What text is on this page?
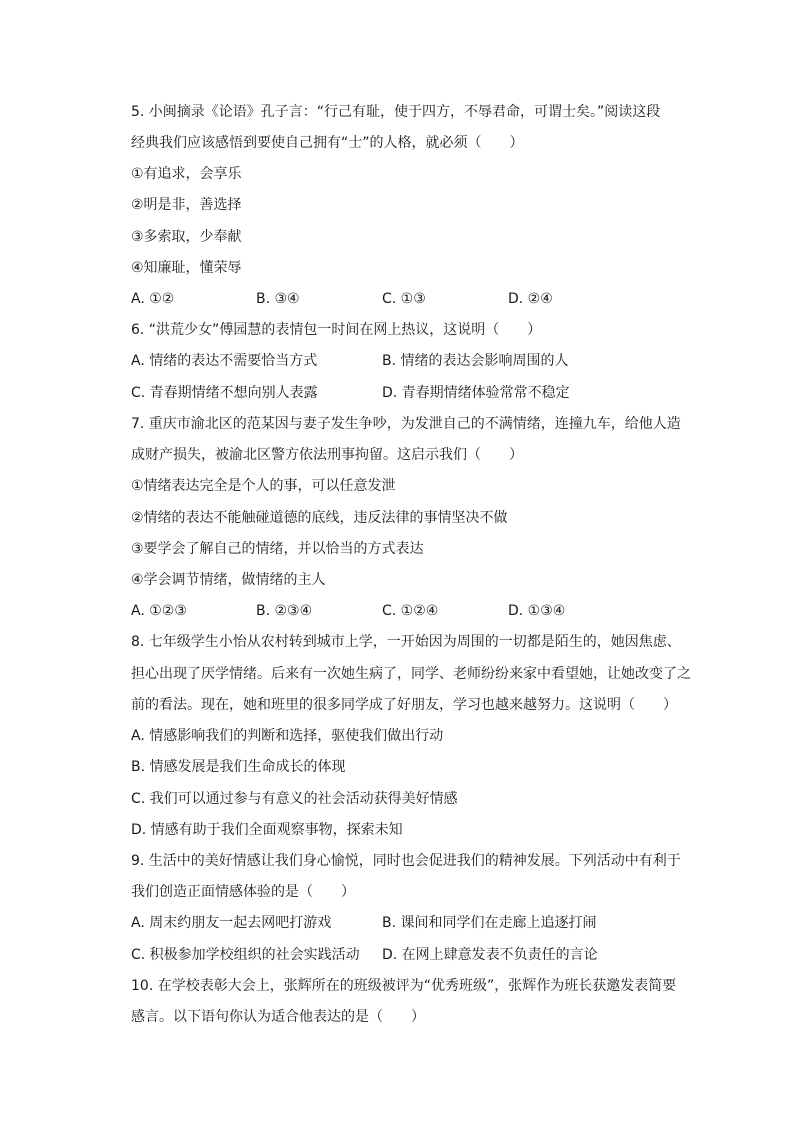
5. 小闽摘录《论语》孔子言：“行己有耻，使于四方，不辱君命，可谓士矣。”阅读这段
经典我们应该感悟到要使自己拥有“士”的人格，就必须（　　）
①有追求，会享乐
②明是非，善选择
③多索取，少奉献
④知廉耻，懂荣辱
A. ①②	B. ③④	C. ①③	D. ②④
6. “洪荒少女”傅园慧的表情包一时间在网上热议，这说明（　　）
A. 情绪的表达不需要恰当方式	B. 情绪的表达会影响周围的人
C. 青春期情绪不想向别人表露	D. 青春期情绪体验常常不稳定
7. 重庆市渝北区的范某因与妻子发生争吵，为发泄自己的不满情绪，连撞九车，给他人造
成财产损失，被渝北区警方依法刑事拘留。这启示我们（　　）
①情绪表达完全是个人的事，可以任意发泄
②情绪的表达不能触碰道德的底线，违反法律的事情坚决不做
③要学会了解自己的情绪，并以恰当的方式表达
④学会调节情绪，做情绪的主人
A. ①②③	B. ②③④	C. ①②④	D. ①③④
8. 七年级学生小怡从农村转到城市上学，一开始因为周围的一切都是陌生的，她因焦虑、
担心出现了厌学情绪。后来有一次她生病了，同学、老师纷纷来家中看望她，让她改变了之
前的看法。现在，她和班里的很多同学成了好朋友，学习也越来越努力。这说明（　　）
A. 情感影响我们的判断和选择，驱使我们做出行动
B. 情感发展是我们生命成长的体现
C. 我们可以通过参与有意义的社会活动获得美好情感
D. 情感有助于我们全面观察事物，探索未知
9. 生活中的美好情感让我们身心愉悦，同时也会促进我们的精神发展。下列活动中有利于
我们创造正面情感体验的是（　　）
A. 周末约朋友一起去网吧打游戏	B. 课间和同学们在走廊上追逐打闹
C. 积极参加学校组织的社会实践活动 D. 在网上肆意发表不负责任的言论
10. 在学校表彰大会上，张辉所在的班级被评为“优秀班级”，张辉作为班长获邀发表简要
感言。以下语句你认为适合他表达的是（　　）
